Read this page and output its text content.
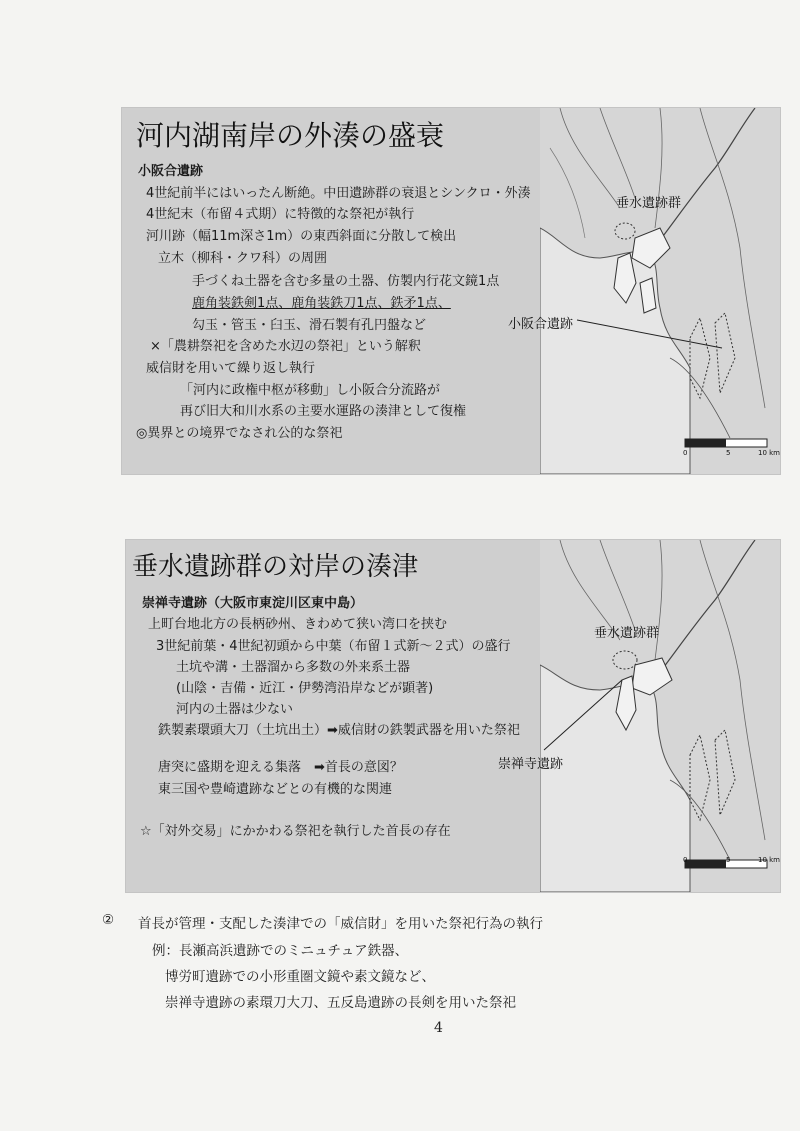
河内湖南岸の外湊の盛衰
小阪合遺跡
4世紀前半にはいったん断絶。中田遺跡群の衰退とシンクロ・外湊
4世紀末（布留４式期）に特徴的な祭祀が執行
河川跡（幅11m深さ1m）の東西斜面に分散して検出
立木（柳科・クワ科）の周囲
手づくね土器を含む多量の土器、仿製内行花文鏡1点
鹿角装鉄剣1点、鹿角装鉄刀1点、鉄矛1点、
勾玉・管玉・臼玉、滑石製有孔円盤など
×「農耕祭祀を含めた水辺の祭祀」という解釈
威信財を用いて繰り返し執行
「河内に政権中枢が移動」し小阪合分流路が
再び旧大和川水系の主要水運路の湊津として復権
◎異界との境界でなされ公的な祭祀
垂水遺跡群
0	5	10 km
小阪合遺跡
垂水遺跡群の対岸の湊津
崇禅寺遺跡（大阪市東淀川区東中島）
上町台地北方の長柄砂州、きわめて狭い湾口を挟む
3世紀前葉・4世紀初頭から中葉（布留１式新～２式）の盛行
土坑や溝・土器溜から多数の外来系土器
(山陰・吉備・近江・伊勢湾沿岸などが顕著)
河内の土器は少ない
鉄製素環頭大刀（土坑出土）➡威信財の鉄製武器を用いた祭祀
唐突に盛期を迎える集落　➡首長の意図？
東三国や豊崎遺跡などとの有機的な関連
☆「対外交易」にかかわる祭祀を執行した首長の存在
垂水遺跡群
0	5	10 km
崇禅寺遺跡
② 首長が管理・支配した湊津での「威信財」を用いた祭祀行為の執行
例：長瀬高浜遺跡でのミニュチュア鉄器、
博労町遺跡での小形重圏文鏡や素文鏡など、
崇禅寺遺跡の素環刀大刀、五反島遺跡の長剣を用いた祭祀
4
